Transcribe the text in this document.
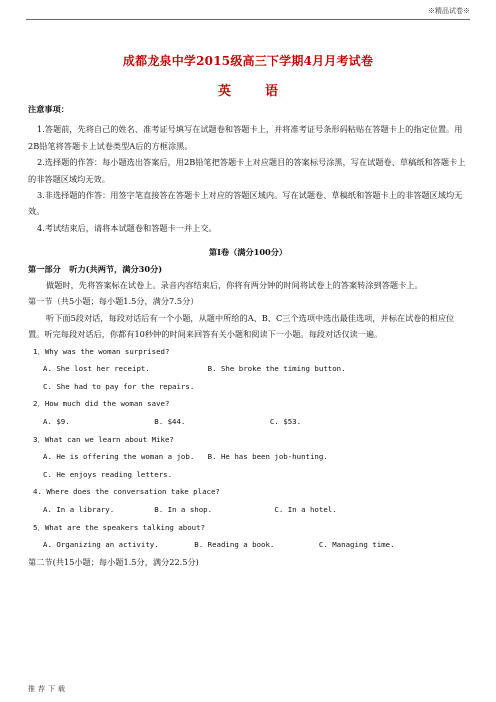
※精品试卷※
成都龙泉中学2015级高三下学期4月月考试卷
英语

注意事项：

1.答题前，先将自己的姓名、准考证号填写在试题卷和答题卡上，并将准考证号条形码粘贴在答题卡上的指定位置。用2B铅笔将答题卡上试卷类型A后的方框涂黑。

2.选择题的作答：每小题选出答案后，用2B铅笔把答题卡上对应题目的答案标号涂黑，写在试题卷、草稿纸和答题卡上的非答题区域均无效。

3.非选择题的作答：用签字笔直接答在答题卡上对应的答题区域内。写在试题卷、草稿纸和答题卡上的非答题区域均无效。

4.考试结束后，请将本试题卷和答题卡一并上交。

第Ⅰ卷（满分100分）

第一部分   听力(共两节，满分30分)

做题时，先将答案标在试卷上。录音内容结束后，你将有两分钟的时间将试卷上的答案转涂到答题卡上。

第一节（共5小题；每小题1.5分，满分7.5分）

听下面5段对话，每段对话后有一个小题，从题中所给的A、B、C三个选项中选出最佳选项，并标在试卷的相应位置。听完每段对话后，你都有10秒钟的时间来回答有关小题和阅读下一小题。每段对话仅读一遍。

1．Why was the woman surprised?

A. She lost her receipt.             B. She broke the timing button.

C. She had to pay for the repairs.

2．How much did the woman save?

A. $9.                   B. $44.                   C. $53.

3．What can we learn about Mike?

A. He is offering the woman a job.   B. He has been job-hunting.

C. He enjoys reading letters.

4. Where does the conversation take place?

A. In a library.         B. In a shop.              C. In a hotel.

5．What are the speakers talking about?

A. Organizing an activity.        B. Reading a book.          C. Managing time.

第二节(共15小题；每小题1.5分，满分22.5分)

推荐下载
